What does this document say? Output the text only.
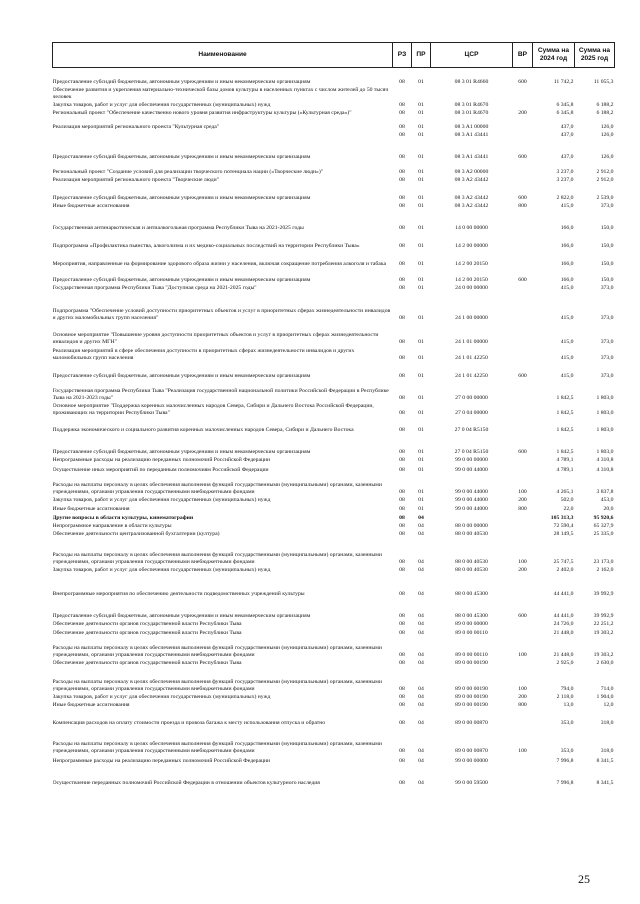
Наименование	РЗ	ПР	ЦСР	ВР	Сумма на 2024 год	Сумма на 2025 год
Предоставление субсидий бюджетным, автономным учреждениям и иным некоммерческим организациям	08	01	08 3 01 R4660	600	11 742,2	11 055,3
Обеспечение развития и укрепления материально-технической базы домов культуры в населенных пунктах с числом жителей до 50 тысяч человек						
Закупка товаров, работ и услуг для обеспечения государственных (муниципальных) нужд	08	01	08 3 01 R4670		6 345,8	6 188,2
Региональный проект "Обеспечение качественно нового уровня развития инфраструктуры культуры («Культурная среда»)"	08	01	08 3 01 R4670	200	6 345,8	6 188,2
Реализация мероприятий регионального проекта "Культурная среда"	08	01	08 3 A1 00000		437,0	126,0
	08	01	08 3 A1 43441		437,0	126,0
Предоставление субсидий бюджетным, автономным учреждениям и иным некоммерческим организациям	08	01	08 3 A1 43441	600	437,0	126,0
Региональный проект "Создание условий для реализации творческого потенциала нации («Творческие люди»)"	08	01	08 3 A2 00000		3 237,0	2 912,0
Реализация мероприятий регионального проекта "Творческие люди"	08	01	08 3 A2 43442		3 237,0	2 912,0
Предоставление субсидий бюджетным, автономным учреждениям и иным некоммерческим организациям	08	01	08 3 A2 43442	600	2 822,0	2 539,0
Иные бюджетные ассигнования	08	01	08 3 A2 43442	800	415,0	373,0
Государственная антинаркотическая и антиалкогольная программа Республики Тыва на 2021-2025 годы	08	01	14 0 00 00000		166,0	150,0
Подпрограмма «Профилактика пьянства, алкоголизма и их медико-социальных последствий на территории Республики Тыва»	08	01	14 2 00 00000		166,0	150,0
Мероприятия, направленные на формирование здорового образа жизни у населения, включая сокращение потребления алкоголя и табака	08	01	14 2 00 20150		166,0	150,0
Предоставление субсидий бюджетным, автономным учреждениям и иным некоммерческим организациям	08	01	14 2 00 20150	600	166,0	150,0
Государственная программа Республики Тыва "Доступная среда на 2021-2025 годы"	08	01	24 0 00 00000		415,0	373,0
Подпрограмма "Обеспечение условий доступности приоритетных объектов и услуг в приоритетных сферах жизнедеятельности инвалидов и других маломобильных групп населения"	08	01	24 1 00 00000		415,0	373,0
Основное мероприятие "Повышение уровня доступности приоритетных объектов и услуг в приоритетных сферах жизнедеятельности инвалидов и других МГН"	08	01	24 1 01 00000		415,0	373,0
Реализация мероприятий в сфере обеспечения доступности в приоритетных сферах жизнедеятельности инвалидов и других маломобильных групп населения	08	01	24 1 01 42250		415,0	373,0
Предоставление субсидий бюджетным, автономным учреждениям и иным некоммерческим организациям	08	01	24 1 01 42250	600	415,0	373,0
Государственная программа Республики Тыва "Реализация государственной национальной политики Российской Федерации в Республике Тыва на 2021-2023 годы"	08	01	27 0 00 00000		1 842,5	1 803,0
Основное мероприятие "Поддержка коренных малочисленных народов Севера, Сибири и Дальнего Востока Российской Федерации, проживающих на территории Республики Тыва"	08	01	27 0 04 00000		1 842,5	1 803,0
Поддержка экономического и социального развития коренных малочисленных народов Севера, Сибири и Дальнего Востока	08	01	27 0 04 R5150		1 842,5	1 803,0
Предоставление субсидий бюджетным, автономным учреждениям и иным некоммерческим организациям	08	01	27 0 04 R5150	600	1 842,5	1 803,0
Непрограммные расходы на реализацию переданных полномочий Российской Федерации	08	01	99 0 00 00000		4 789,1	4 310,8
Осуществление иных мероприятий по переданным полномочиям Российской Федерации	08	01	99 0 00 44000		4 789,1	4 310,8
Расходы на выплаты персоналу в целях обеспечения выполнения функций государственными (муниципальными) органами, казенными учреждениями, органами управления государственными внебюджетными фондами	08	01	99 0 00 44000	100	4 265,1	3 837,8
Закупка товаров, работ и услуг для обеспечения государственных (муниципальных) нужд	08	01	99 0 00 44000	200	502,0	453,0
Иные бюджетные ассигнования	08	01	99 0 00 44000	800	22,0	20,0
Другие вопросы в области культуры, кинематографии	08	04			105 313,3	95 920,6
Непрограммное направление в области культуры	08	04	88 0 00 00000		72 590,4	65 327,9
Обеспечение деятельности централизованной бухгалтерии (култура)	08	04	88 0 00 40530		28 149,5	25 335,0
Расходы на выплаты персоналу в целях обеспечения выполнения функций государственными (муниципальными) органами, казенными учреждениями, органами управления государственными внебюджетными фондами	08	04	88 0 00 40530	100	25 747,5	23 173,0
Закупка товаров, работ и услуг для обеспечения государственных (муниципальных) нужд	08	04	88 0 00 40530	200	2 402,0	2 162,0
Внепрограммные мероприятия по обеспечению деятельности подведомственных учреждений культуры	08	04	88 0 00 45300		44 441,0	39 992,9
Предоставление субсидий бюджетным, автономным учреждениям и иным некоммерческим организациям	08	04	88 0 00 45300	600	44 441,0	39 992,9
Обеспечение деятельности органов государственной власти Республики Тыва	08	04	89 0 00 00000		24 726,0	22 251,2
Обеспечение деятельности органов государственной власти Республики Тыва	08	04	89 0 00 00110		21 448,0	19 303,2
Расходы на выплаты персоналу в целях обеспечения выполнения функций государственными (муниципальными) органами, казенными учреждениями, органами управления государственными внебюджетными фондами	08	04	89 0 00 00110	100	21 448,0	19 303,2
Обеспечение деятельности органов государственной власти Республики Тыва	08	04	89 0 00 00190		2 925,0	2 630,0
Расходы на выплаты персоналу в целях обеспечения выполнения функций государственными (муниципальными) органами, казенными учреждениями, органами управления государственными внебюджетными фондами	08	04	89 0 00 00190	100	794,0	714,0
Закупка товаров, работ и услуг для обеспечения государственных (муниципальных) нужд	08	04	89 0 00 00190	200	2 118,0	1 904,0
Иные бюджетные ассигнования	08	04	89 0 00 00190	800	13,0	12,0
Компенсация расходов на оплату стоимости проезда и провоза багажа к месту использования отпуска и обратно	08	04	89 0 00 00870		353,0	318,0
Расходы на выплаты персоналу в целях обеспечения выполнения функций государственными (муниципальными) органами, казенными учреждениями, органами управления государственными внебюджетными фондами	08	04	89 0 00 00870	100	353,0	318,0
Непрограммные расходы на реализацию переданных полномочий Российской Федерации	08	04	99 0 00 00000		7 996,8	8 341,5
Осуществление переданных полномочий Российской Федерации в отношении объектов культурного наследия	08	04	99 0 00 59500		7 996,8	8 341,5
25
